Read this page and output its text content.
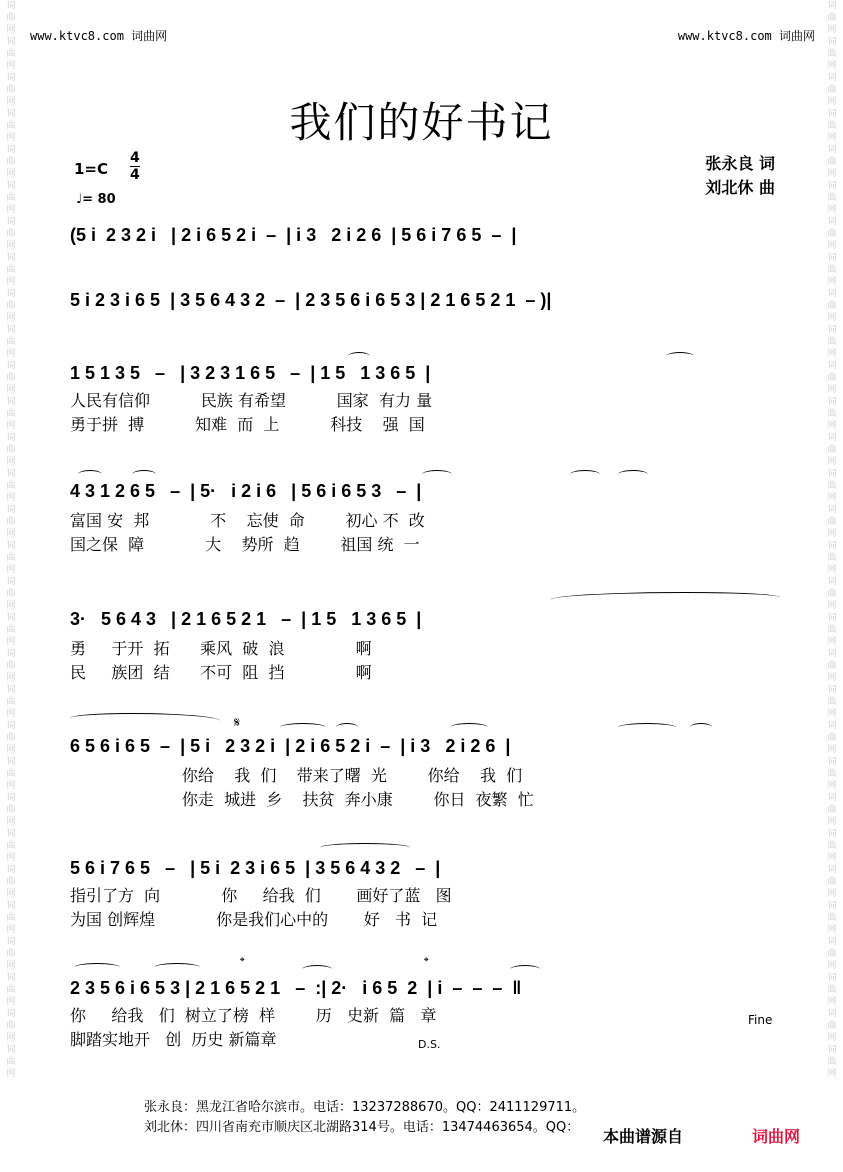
词曲网词曲网词曲网词曲网词曲网词曲网词曲网词曲网词曲网词曲网词曲网词曲网词曲网词曲网词曲网词曲网词曲网词曲网词曲网词曲网词曲网词曲网词曲网词曲网词曲网词曲网词曲网词曲网词曲网词曲网
词曲网词曲网词曲网词曲网词曲网词曲网词曲网词曲网词曲网词曲网词曲网词曲网词曲网词曲网词曲网词曲网词曲网词曲网词曲网词曲网词曲网词曲网词曲网词曲网词曲网词曲网词曲网词曲网词曲网词曲网
www.ktvc8.com 词曲网	www.ktvc8.com 词曲网
我们的好书记
1=C
4
4
♩= 80
张永良 词
刘北休 曲
(5 i  2 3 2 i   | 2 i 6 5 2 i  –  | i 3   2 i 2 6  | 5 6 i 7 6 5  –  |
5 i 2 3 i 6 5  | 3 5 6 4 3 2  –  | 2 3 5 6 i 6 5 3 | 2 1 6 5 2 1  – )|
1 5 1 3 5   –   | 3 2 3 1 6 5   –  | 1 5   1 3 6 5  |
人民有信仰          民族 有希望          国家  有力 量
勇于拼  搏          知难  而  上          科技    强  国
4 3 1 2 6 5   –  | 5·   i 2 i 6   | 5 6 i 6 5 3   –  |
富国 安  邦            不    忘使  命        初心 不  改
国之保  障            大    势所  趋        祖国 统  一
3·   5 6 4 3   | 2 1 6 5 2 1   –  | 1 5   1 3 6 5  |
勇     于开  拓      乘风  破  浪              啊
民     族团  结      不可  阻  挡              啊
𝄋
6 5 6 i 6 5  –  | 5 i   2 3 2 i  | 2 i 6 5 2 i  –  | i 3   2 i 2 6  |
你给    我  们    带来了曙  光        你给    我  们
你走  城进  乡    扶贫  奔小康        你日  夜繁  忙
5 6 i 7 6 5   –   | 5 i  2 3 i 6 5  | 3 5 6 4 3 2   –  |
指引了方  向            你     给我  们       画好了蓝   图
为国 创辉煌            你是我们心中的       好   书  记
𝄌	𝄌
2 3 5 6 i 6 5 3 | 2 1 6 5 2 1   –  :| 2·   i 6 5  2  | i  –  –  –  ‖
你     给我   们  树立了榜  样        历   史新  篇   章
脚踏实地开   创  历史 新篇章
Fine
D.S.
张永良：黑龙江省哈尔滨市。电话：13237288670。QQ：2411129711。
刘北休：四川省南充市顺庆区北湖路314号。电话：13474463654。QQ：	本曲谱源自	词曲网
